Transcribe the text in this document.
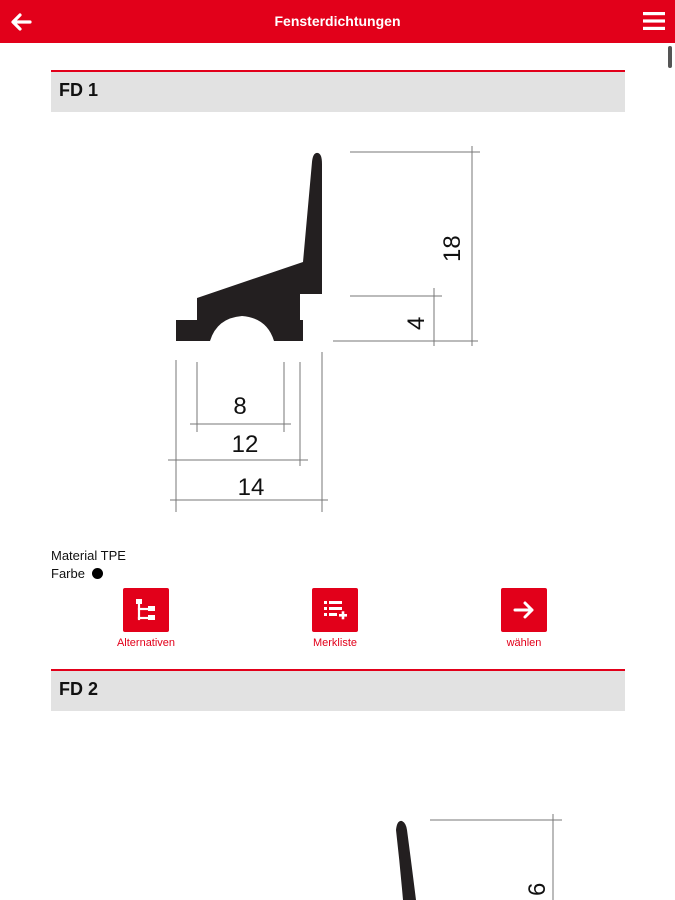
Fensterdichtungen
FD 1
18
4
8
12
14
Material TPE
Farbe
Alternativen	Merkliste	wählen
FD 2
6
